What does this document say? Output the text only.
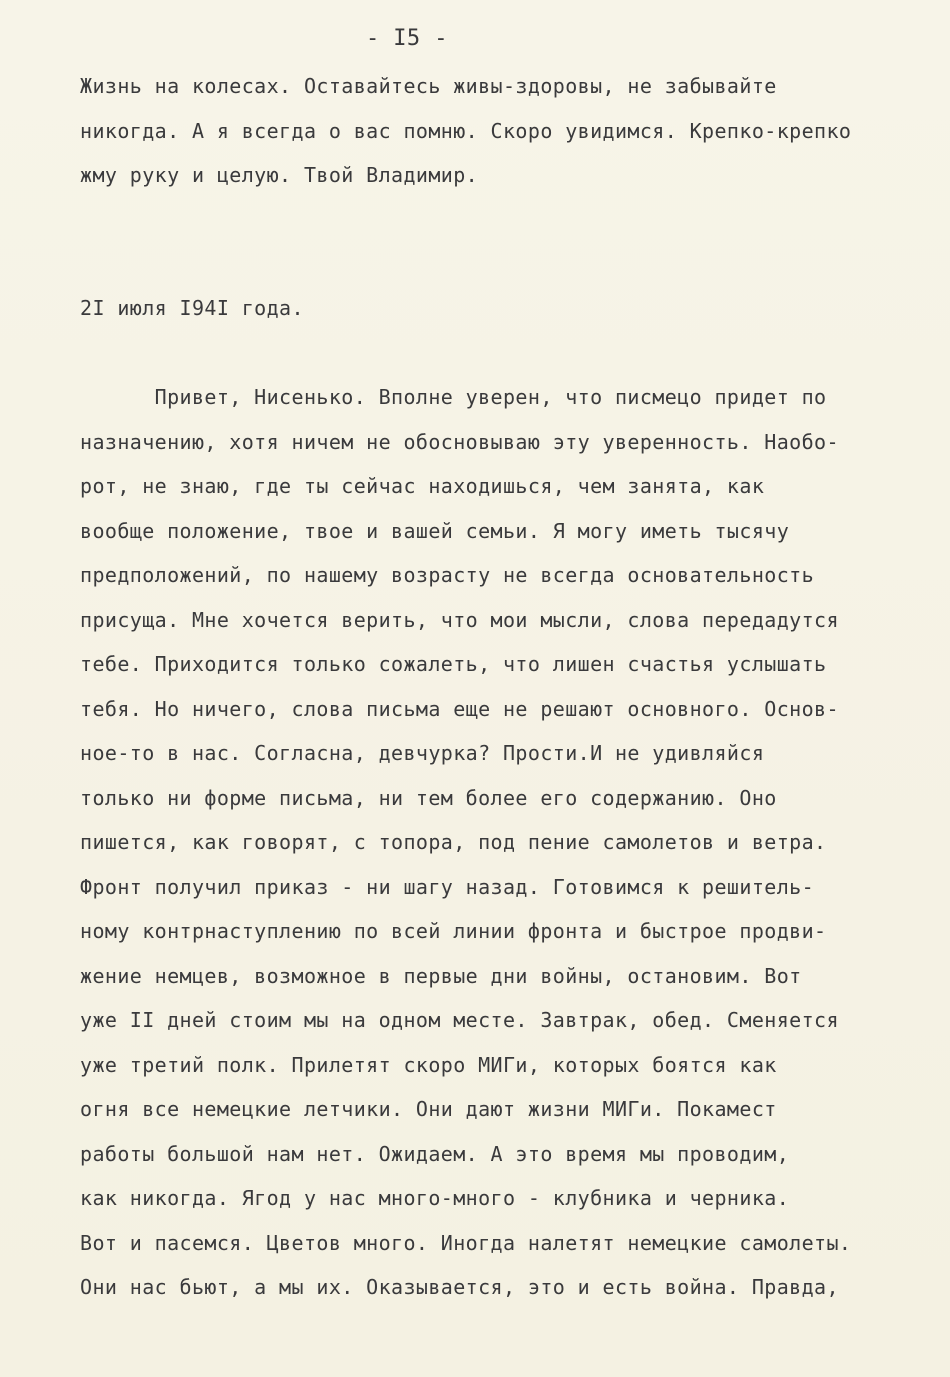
- I5 -
Жизнь на колесах. Оставайтесь живы-здоровы, не забывайте
никогда. А я всегда о вас помню. Скоро увидимся. Крепко-крепко
жму руку и целую. Твой Владимир.
2I июля I94I года.
Привет, Нисенько. Вполне уверен, что писмецо придет по
назначению, хотя ничем не обосновываю эту уверенность. Наобо-
рот, не знаю, где ты сейчас находишься, чем занята, как
вообще положение, твое и вашей семьи. Я могу иметь тысячу
предположений, по нашему возрасту не всегда основательность
присуща. Мне хочется верить, что мои мысли, слова передадутся
тебе. Приходится только сожалеть, что лишен счастья услышать
тебя. Но ничего, слова письма еще не решают основного. Основ-
ное-то в нас. Согласна, девчурка? Прости.И не удивляйся
только ни форме письма, ни тем более его содержанию. Оно
пишется, как говорят, с топора, под пение самолетов и ветра.
Фронт получил приказ - ни шагу назад. Готовимся к решитель-
ному контрнаступлению по всей линии фронта и быстрое продви-
жение немцев, возможное в первые дни войны, остановим. Вот
уже II дней стоим мы на одном месте. Завтрак, обед. Сменяется
уже третий полк. Прилетят скоро МИГи, которых боятся как
огня все немецкие летчики. Они дают жизни МИГи. Покамест
работы большой нам нет. Ожидаем. А это время мы проводим,
как никогда. Ягод у нас много-много - клубника и черника.
Вот и пасемся. Цветов много. Иногда налетят немецкие самолеты.
Они нас бьют, а мы их. Оказывается, это и есть война. Правда,
